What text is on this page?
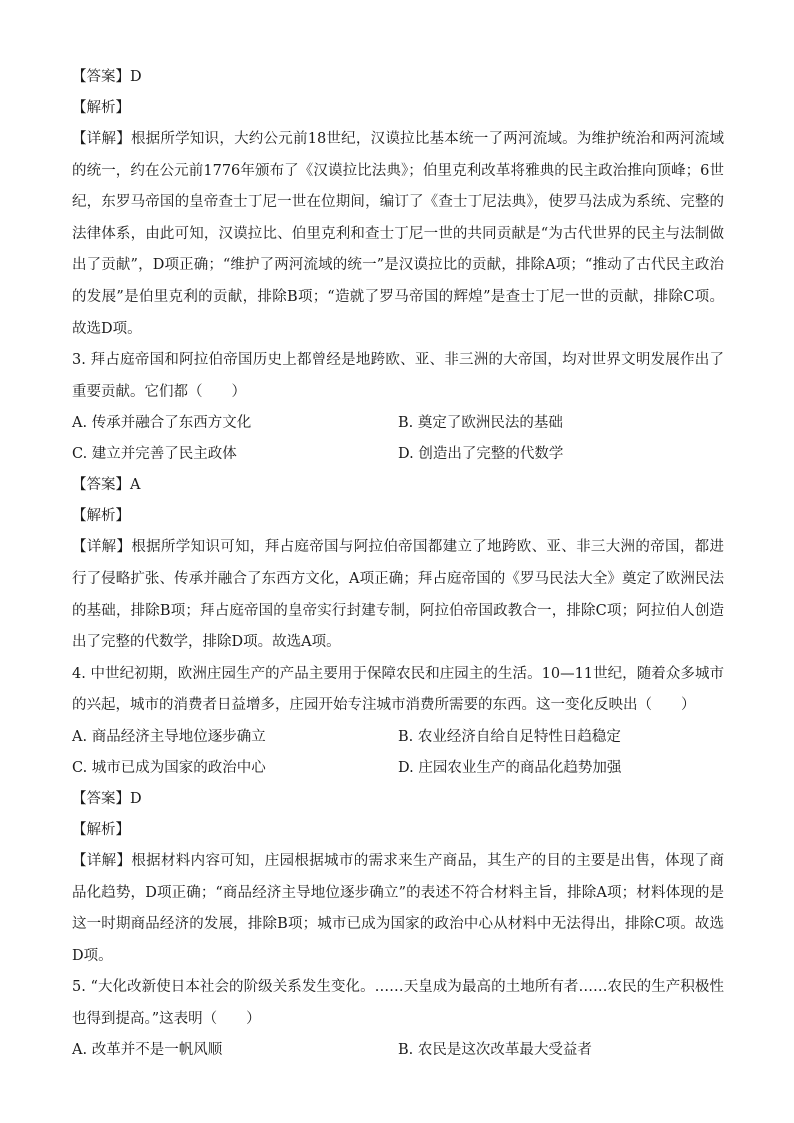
【答案】D
【解析】
【详解】根据所学知识，大约公元前18世纪，汉谟拉比基本统一了两河流域。为维护统治和两河流域的统一，约在公元前1776年颁布了《汉谟拉比法典》；伯里克利改革将雅典的民主政治推向顶峰；6世纪，东罗马帝国的皇帝查士丁尼一世在位期间，编订了《查士丁尼法典》，使罗马法成为系统、完整的法律体系，由此可知，汉谟拉比、伯里克利和查士丁尼一世的共同贡献是“为古代世界的民主与法制做出了贡献”，D项正确；“维护了两河流域的统一”是汉谟拉比的贡献，排除A项；“推动了古代民主政治的发展”是伯里克利的贡献，排除B项；“造就了罗马帝国的辉煌”是查士丁尼一世的贡献，排除C项。故选D项。
3. 拜占庭帝国和阿拉伯帝国历史上都曾经是地跨欧、亚、非三洲的大帝国，均对世界文明发展作出了重要贡献。它们都（　　）
A. 传承并融合了东西方文化	B. 奠定了欧洲民法的基础
C. 建立并完善了民主政体	D. 创造出了完整的代数学
【答案】A
【解析】
【详解】根据所学知识可知，拜占庭帝国与阿拉伯帝国都建立了地跨欧、亚、非三大洲的帝国，都进行了侵略扩张、传承并融合了东西方文化，A项正确；拜占庭帝国的《罗马民法大全》奠定了欧洲民法的基础，排除B项；拜占庭帝国的皇帝实行封建专制，阿拉伯帝国政教合一，排除C项；阿拉伯人创造出了完整的代数学，排除D项。故选A项。
4. 中世纪初期，欧洲庄园生产的产品主要用于保障农民和庄园主的生活。10—11世纪，随着众多城市的兴起，城市的消费者日益增多，庄园开始专注城市消费所需要的东西。这一变化反映出（　　）
A. 商品经济主导地位逐步确立	B. 农业经济自给自足特性日趋稳定
C. 城市已成为国家的政治中心	D. 庄园农业生产的商品化趋势加强
【答案】D
【解析】
【详解】根据材料内容可知，庄园根据城市的需求来生产商品，其生产的目的主要是出售，体现了商品化趋势，D项正确；“商品经济主导地位逐步确立”的表述不符合材料主旨，排除A项；材料体现的是这一时期商品经济的发展，排除B项；城市已成为国家的政治中心从材料中无法得出，排除C项。故选D项。
5. “大化改新使日本社会的阶级关系发生变化。……天皇成为最高的土地所有者……农民的生产积极性也得到提高。”这表明（　　）
A. 改革并不是一帆风顺	B. 农民是这次改革最大受益者
